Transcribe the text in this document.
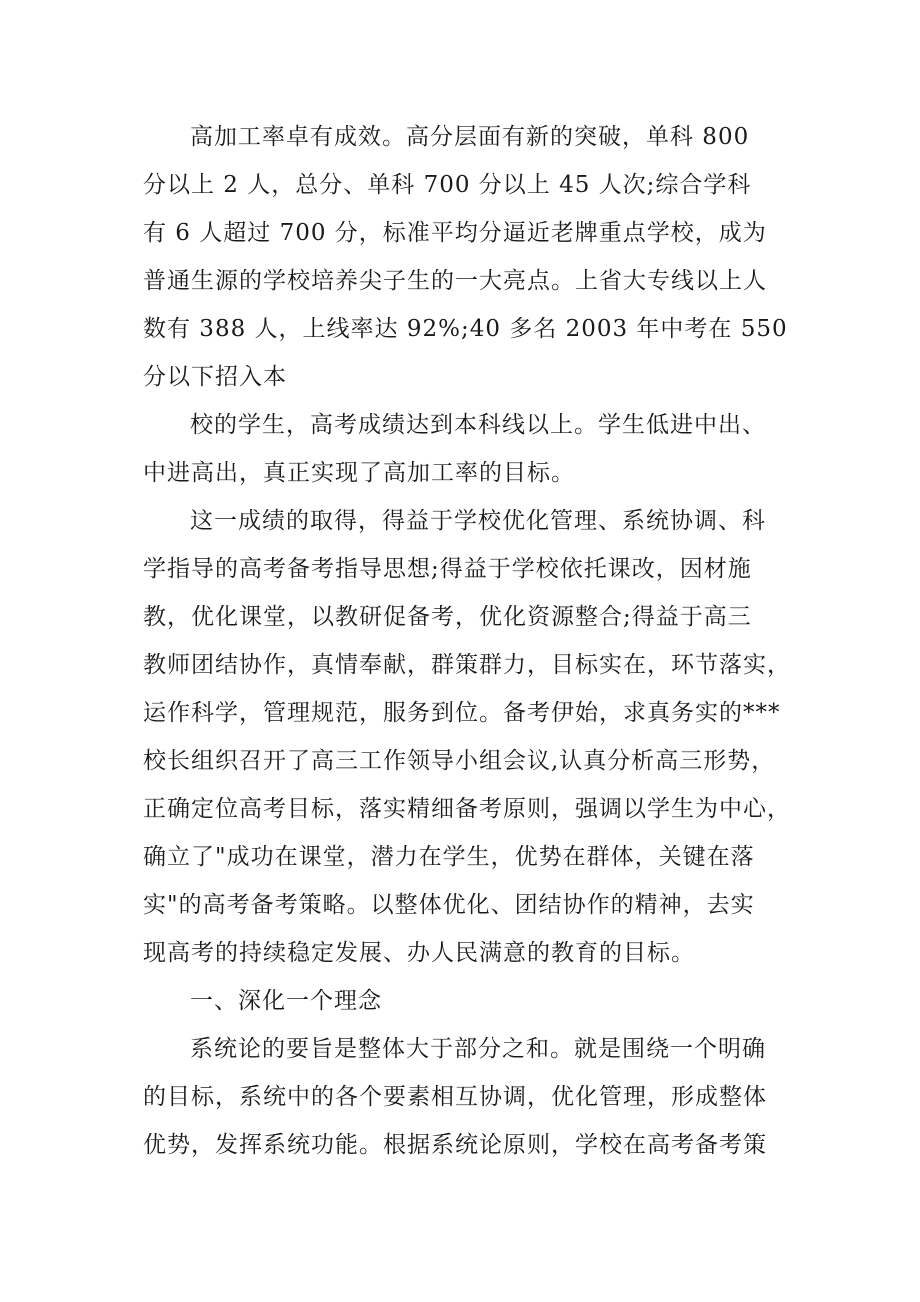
高加工率卓有成效。高分层面有新的突破，单科 800
分以上 2 人，总分、单科 700 分以上 45 人次;综合学科
有 6 人超过 700 分，标准平均分逼近老牌重点学校，成为
普通生源的学校培养尖子生的一大亮点。上省大专线以上人
数有 388 人，上线率达 92%;40 多名 2003 年中考在 550
分以下招入本
校的学生，高考成绩达到本科线以上。学生低进中出、
中进高出，真正实现了高加工率的目标。
这一成绩的取得，得益于学校优化管理、系统协调、科
学指导的高考备考指导思想;得益于学校依托课改，因材施
教，优化课堂，以教研促备考，优化资源整合;得益于高三
教师团结协作，真情奉献，群策群力，目标实在，环节落实，
运作科学，管理规范，服务到位。备考伊始，求真务实的***
校长组织召开了高三工作领导小组会议,认真分析高三形势，
正确定位高考目标，落实精细备考原则，强调以学生为中心，
确立了"成功在课堂，潜力在学生，优势在群体，关键在落
实"的高考备考策略。以整体优化、团结协作的精神，去实
现高考的持续稳定发展、办人民满意的教育的目标。
一、深化一个理念
系统论的要旨是整体大于部分之和。就是围绕一个明确
的目标，系统中的各个要素相互协调，优化管理，形成整体
优势，发挥系统功能。根据系统论原则，学校在高考备考策
